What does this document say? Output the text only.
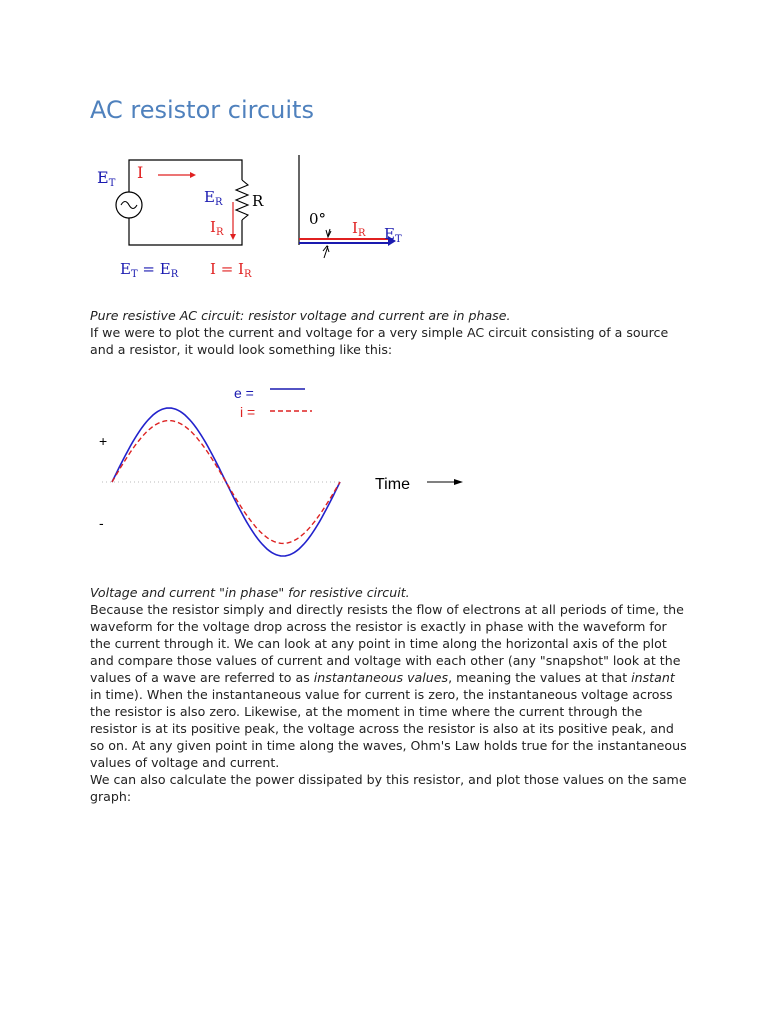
AC resistor circuits
ET
I
R
$E_R$
$I_R$
$E_T = E_R$ $I = I_R$
0° $I_R$ $E_T$

Pure resistive AC circuit: resistor voltage and current are in phase.

If we were to plot the current and voltage for a very simple AC circuit consisting of a source and a resistor, it would look something like this:

e =
i =
+
-
Time

Voltage and current "in phase" for resistive circuit.

Because the resistor simply and directly resists the flow of electrons at all periods of time, the waveform for the voltage drop across the resistor is exactly in phase with the waveform for the current through it. We can look at any point in time along the horizontal axis of the plot and compare those values of current and voltage with each other (any "snapshot" look at the values of a wave are referred to as instantaneous values, meaning the values at that instant in time). When the instantaneous value for current is zero, the instantaneous voltage across the resistor is also zero. Likewise, at the moment in time where the current through the resistor is at its positive peak, the voltage across the resistor is also at its positive peak, and so on. At any given point in time along the waves, Ohm's Law holds true for the instantaneous values of voltage and current.

We can also calculate the power dissipated by this resistor, and plot those values on the same graph:
